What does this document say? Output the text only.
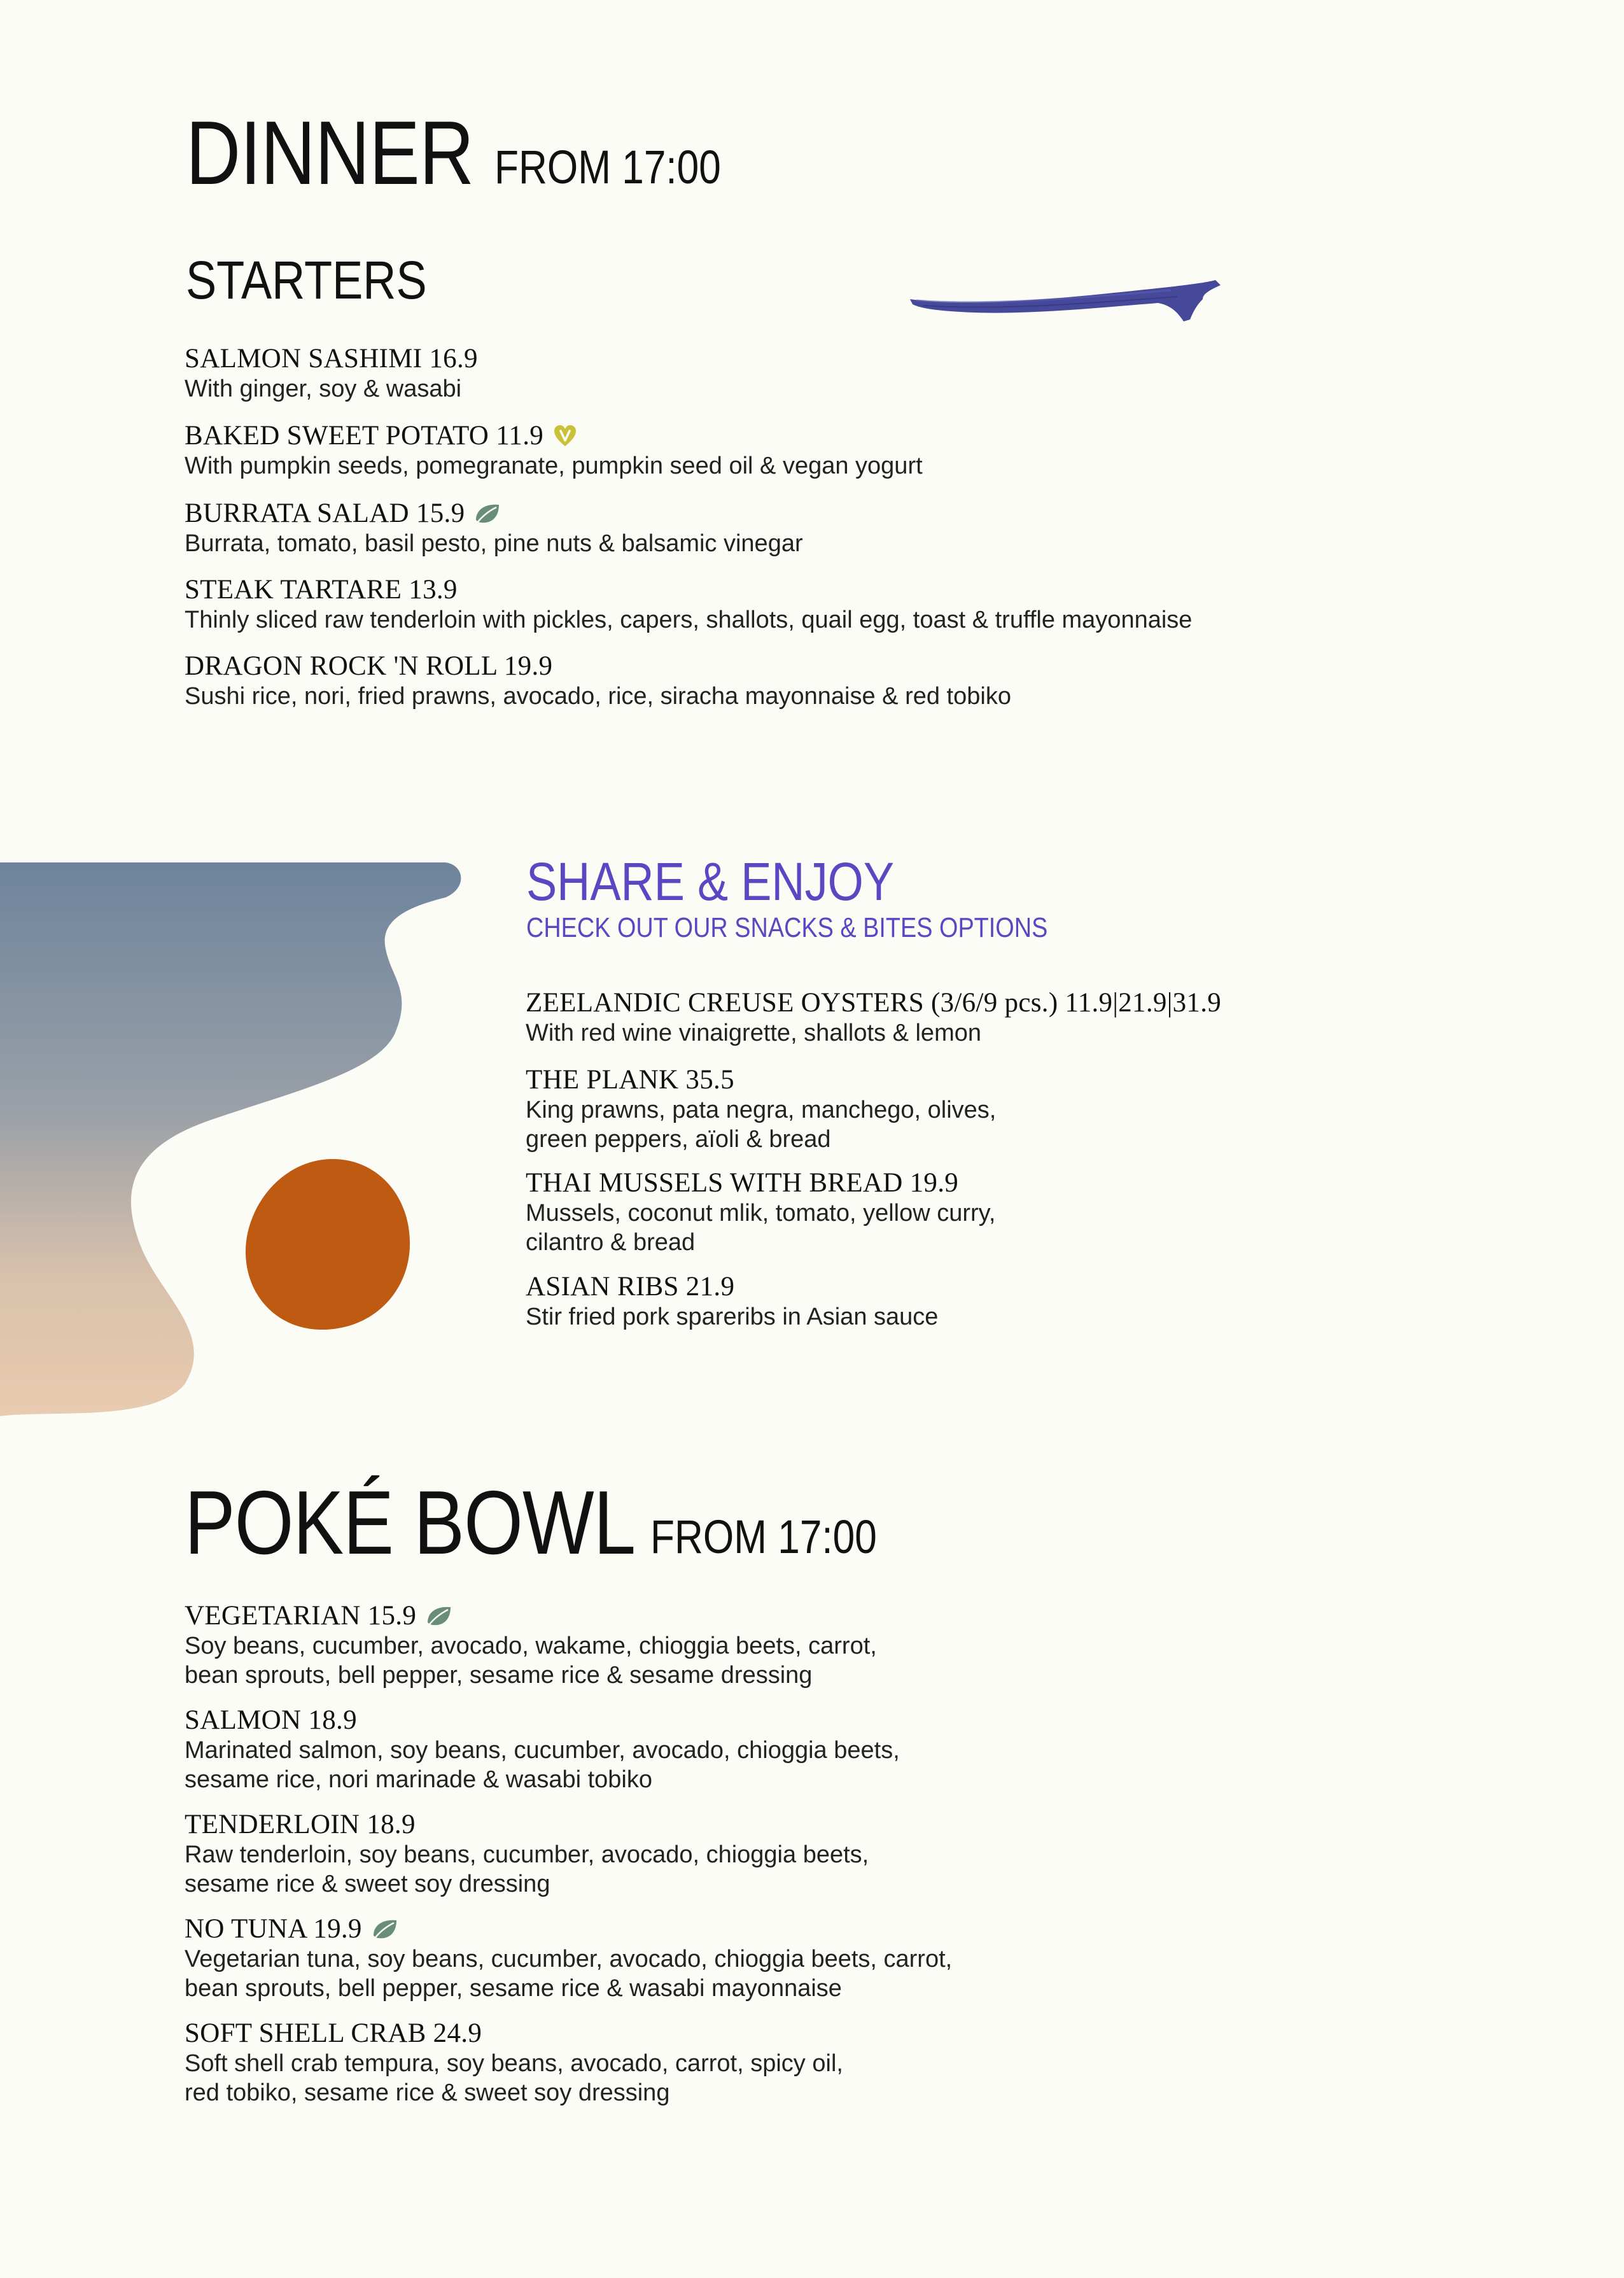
DINNER FROM 17:00
STARTERS
SALMON SASHIMI 16.9
With ginger, soy & wasabi
BAKED SWEET POTATO 11.9
With pumpkin seeds, pomegranate, pumpkin seed oil & vegan yogurt
BURRATA SALAD 15.9
Burrata, tomato, basil pesto, pine nuts & balsamic vinegar
STEAK TARTARE 13.9
Thinly sliced raw tenderloin with pickles, capers, shallots, quail egg, toast & truffle mayonnaise
DRAGON ROCK 'N ROLL 19.9
Sushi rice, nori, fried prawns, avocado, rice, siracha mayonnaise & red tobiko
SHARE & ENJOY
CHECK OUT OUR SNACKS & BITES OPTIONS
ZEELANDIC CREUSE OYSTERS (3/6/9 pcs.) 11.9|21.9|31.9
With red wine vinaigrette, shallots & lemon
THE PLANK 35.5
King prawns, pata negra, manchego, olives,
green peppers, aïoli & bread
THAI MUSSELS WITH BREAD 19.9
Mussels, coconut mlik, tomato, yellow curry,
cilantro & bread
ASIAN RIBS 21.9
Stir fried pork spareribs in Asian sauce
POKÉ BOWL FROM 17:00
VEGETARIAN 15.9
Soy beans, cucumber, avocado, wakame, chioggia beets, carrot,
bean sprouts, bell pepper, sesame rice & sesame dressing
SALMON 18.9
Marinated salmon, soy beans, cucumber, avocado, chioggia beets,
sesame rice, nori marinade & wasabi tobiko
TENDERLOIN 18.9
Raw tenderloin, soy beans, cucumber, avocado, chioggia beets,
sesame rice & sweet soy dressing
NO TUNA 19.9
Vegetarian tuna, soy beans, cucumber, avocado, chioggia beets, carrot,
bean sprouts, bell pepper, sesame rice & wasabi mayonnaise
SOFT SHELL CRAB 24.9
Soft shell crab tempura, soy beans, avocado, carrot, spicy oil,
red tobiko, sesame rice & sweet soy dressing
